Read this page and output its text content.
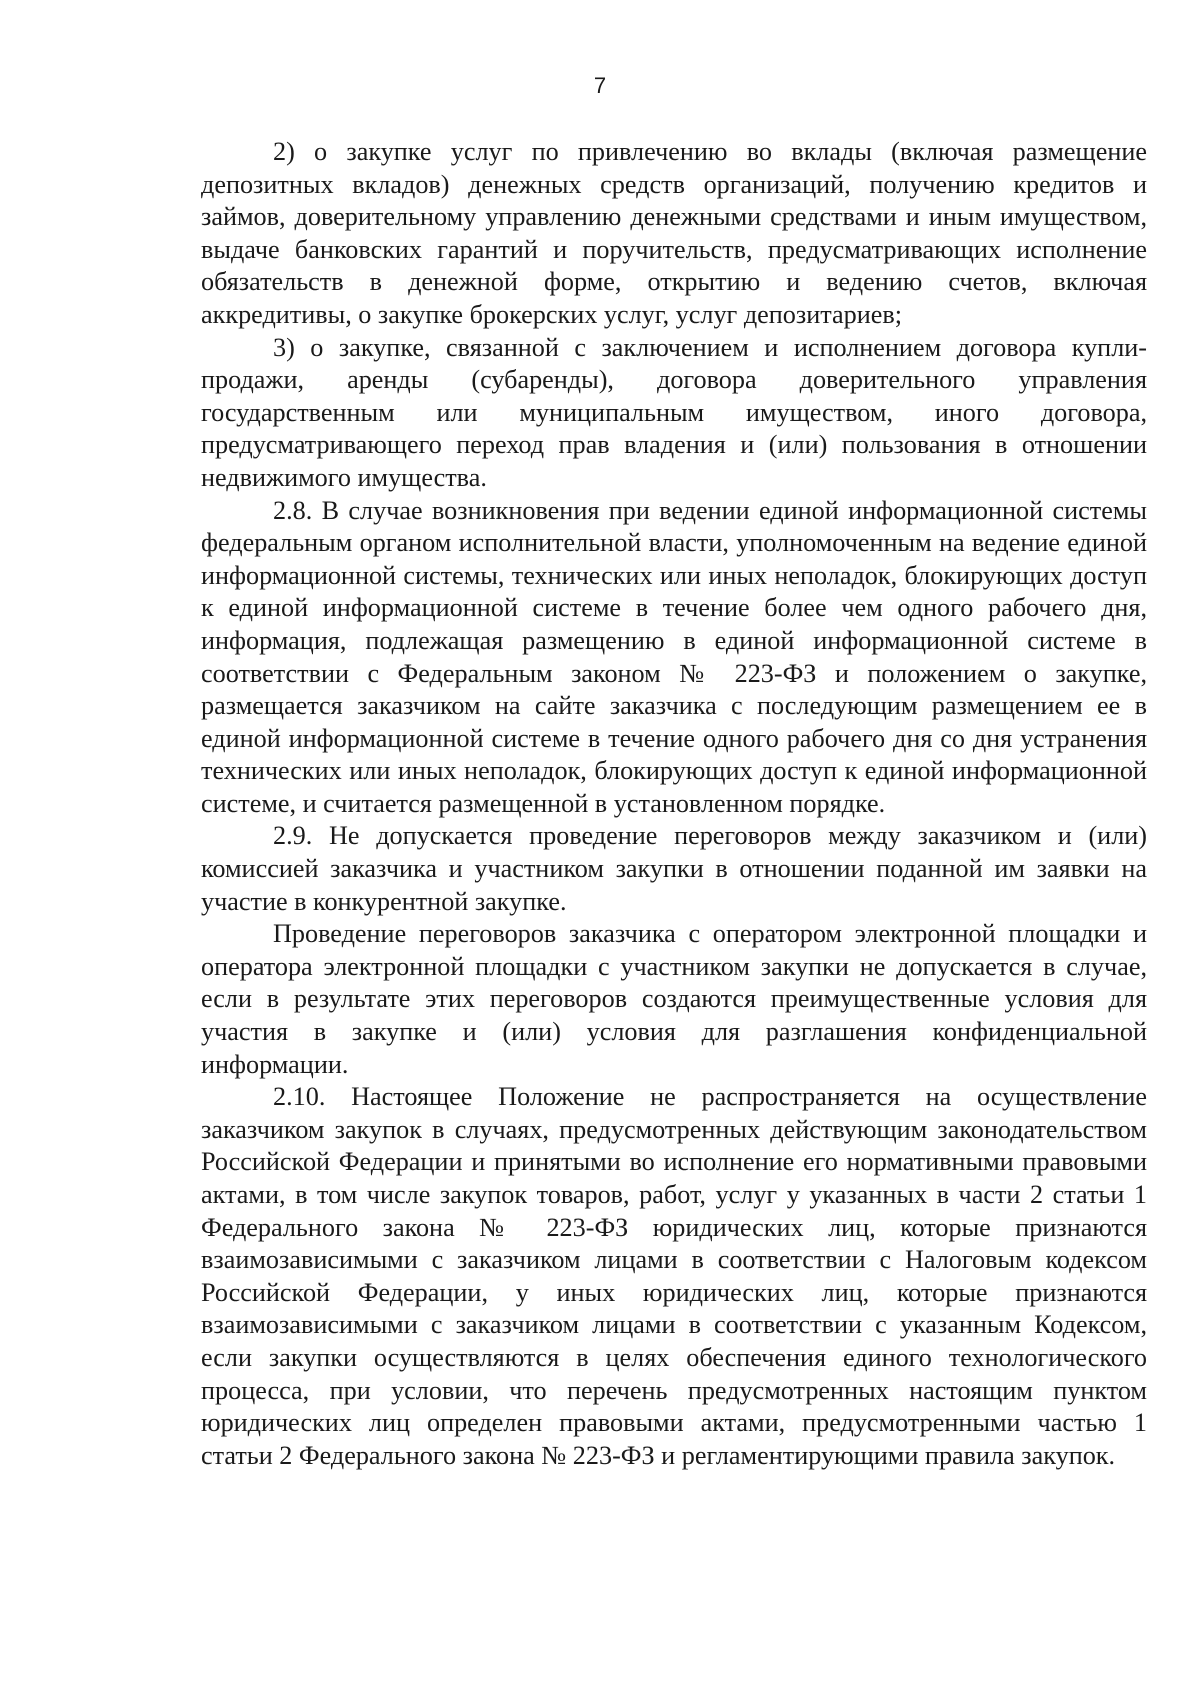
7

2) о закупке услуг по привлечению во вклады (включая размещение депозитных вкладов) денежных средств организаций, получению кредитов и займов, доверительному управлению денежными средствами и иным имуществом, выдаче банковских гарантий и поручительств, предусматривающих исполнение обязательств в денежной форме, открытию и ведению счетов, включая аккредитивы, о закупке брокерских услуг, услуг депозитариев;

3) о закупке, связанной с заключением и исполнением договора купли-продажи, аренды (субаренды), договора доверительного управления государственным или муниципальным имуществом, иного договора, предусматривающего переход прав владения и (или) пользования в отношении недвижимого имущества.

2.8. В случае возникновения при ведении единой информационной системы федеральным органом исполнительной власти, уполномоченным на ведение единой информационной системы, технических или иных неполадок, блокирующих доступ к единой информационной системе в течение более чем одного рабочего дня, информация, подлежащая размещению в единой информационной системе в соответствии с Федеральным законом № 223-ФЗ и положением о закупке, размещается заказчиком на сайте заказчика с последующим размещением ее в единой информационной системе в течение одного рабочего дня со дня устранения технических или иных неполадок, блокирующих доступ к единой информационной системе, и считается размещенной в установленном порядке.

2.9. Не допускается проведение переговоров между заказчиком и (или) комиссией заказчика и участником закупки в отношении поданной им заявки на участие в конкурентной закупке.

Проведение переговоров заказчика с оператором электронной площадки и оператора электронной площадки с участником закупки не допускается в случае, если в результате этих переговоров создаются преимущественные условия для участия в закупке и (или) условия для разглашения конфиденциальной информации.

2.10. Настоящее Положение не распространяется на осуществление заказчиком закупок в случаях, предусмотренных действующим законодательством Российской Федерации и принятыми во исполнение его нормативными правовыми актами, в том числе закупок товаров, работ, услуг у указанных в части 2 статьи 1 Федерального закона № 223-ФЗ юридических лиц, которые признаются взаимозависимыми с заказчиком лицами в соответствии с Налоговым кодексом Российской Федерации, у иных юридических лиц, которые признаются взаимозависимыми с заказчиком лицами в соответствии с указанным Кодексом, если закупки осуществляются в целях обеспечения единого технологического процесса, при условии, что перечень предусмотренных настоящим пунктом юридических лиц определен правовыми актами, предусмотренными частью 1 статьи 2 Федерального закона № 223-ФЗ и регламентирующими правила закупок.
